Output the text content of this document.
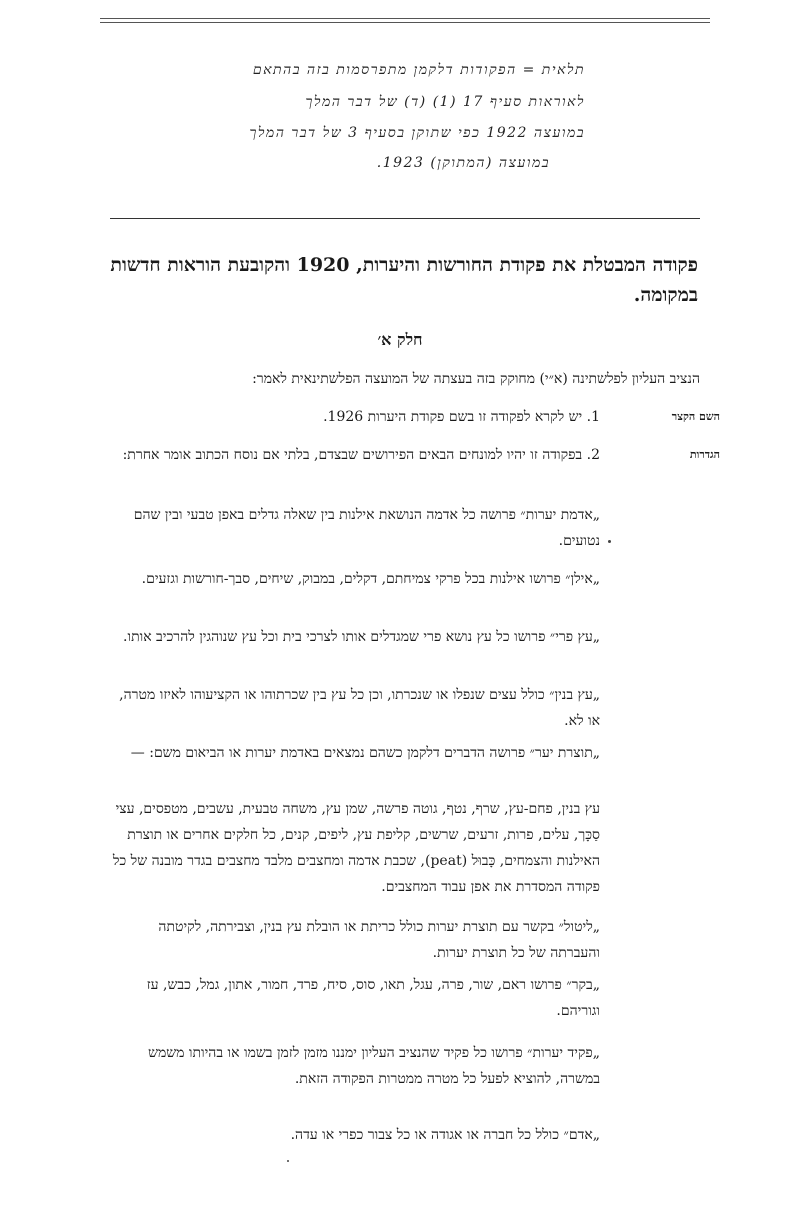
תלאית = הפקודות דלקמן מתפרסמות בזה בהתאם
לאוראות סעיף 17 (1) (ד) של דבר המלך
במועצה 1922 כפי שתוקן בסעיף 3 של דבר המלך
במועצה (המתוקן) 1923.
פקודה המבטלת את פקודת החורשות והיערות, 1920 והקובעת הוראות חדשות במקומה.
חלק א׳
הנציב העליון לפלשתינה (א״י) מחוקק בזה בעצתה של המועצה הפלשתינאית לאמר:
השם הקצר
1. יש לקרא לפקודה זו בשם פקודת היערות 1926.
הגדרות
2. בפקודה זו יהיו למונחים הבאים הפירושים שבצדם, בלתי אם נוסח הכתוב אומר אחרת:
„אדמת יערות״ פרושה כל אדמה הנושאת אילנות בין שאלה גדלים באפן טבעי ובין שהם נטועים.
„אילן״ פרושו אילנות בכל פרקי צמיחתם, דקלים, במבוק, שיחים, סבך-חורשות וגזעים.
„עץ פרי״ פרושו כל עץ נושא פרי שמגדלים אותו לצרכי בית וכל עץ שנוהגין להרכיב אותו.
„עץ בנין״ כולל עצים שנפלו או שנכרתו, וכן כל עץ בין שכרתוהו או הקציעוהו לאיזו מטרה, או לא.
„תוצרת יער״ פרושה הדברים דלקמן כשהם נמצאים באדמת יערות או הביאום משם: —
עץ בנין, פחם-עץ, שרף, נטף, גוטה פרשה, שמן עץ, משחה טבעית, עשבים, מטפסים, עצי סַכָּך, עלים, פרות, זרעים, שרשים, קליפת עץ, ליפים, קנים, כל חלקים אחרים או תוצרת האילנות והצמחים, כָּבוּל (peat), שכבת אדמה ומחצבים מלבד מחצבים בגדר מובנה של כל פקודה המסדרת את אפן עבוד המחצבים.
„ליטול״ בקשר עם תוצרת יערות כולל כריתת או הובלת עץ בנין, וצבירתה, לקיטתה והעברתה של כל תוצרת יערות.
„בקר״ פרושו ראם, שור, פרה, עגל, תאו, סוס, סיח, פרד, חמור, אתון, גמל, כבש, עז וגוריהם.
„פקיד יערות״ פרושו כל פקיד שהנציב העליון ימננו מזמן לזמן בשמו או בהיותו משמש במשרה, להוציא לפעל כל מטרה ממטרות הפקודה הזאת.
„אדם״ כולל כל חברה או אגודה או כל צבור כפרי או עדה.
